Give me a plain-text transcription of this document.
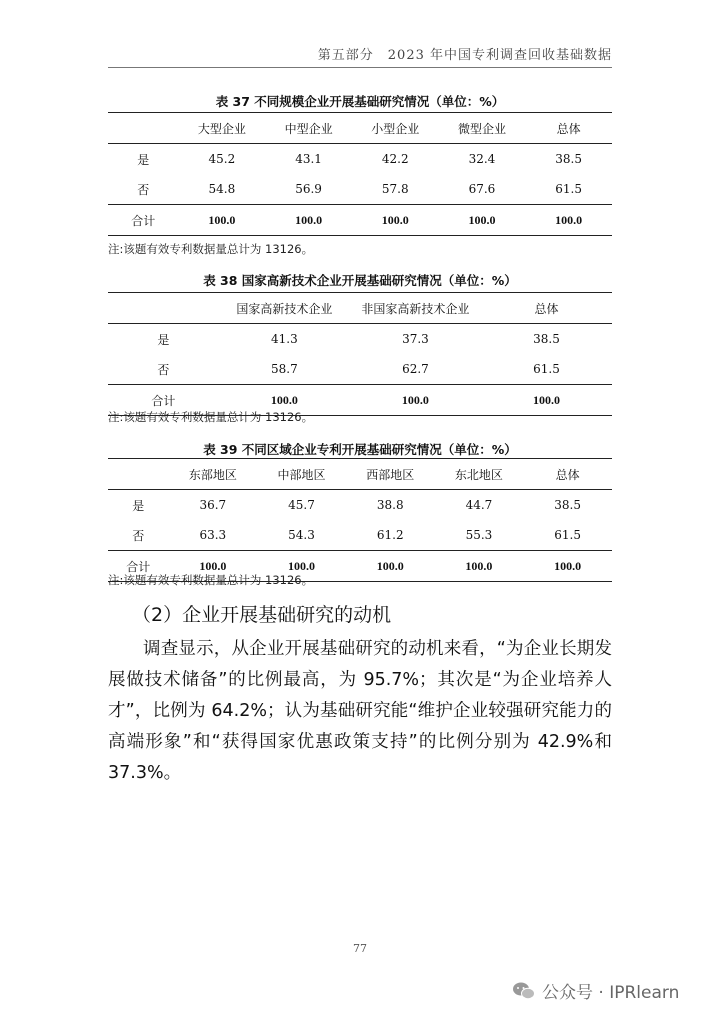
第五部分　2023 年中国专利调查回收基础数据
表 37 不同规模企业开展基础研究情况（单位：%）
	大型企业	中型企业	小型企业	微型企业	总体
是	45.2	43.1	42.2	32.4	38.5
否	54.8	56.9	57.8	67.6	61.5
合计	100.0	100.0	100.0	100.0	100.0
注:该题有效专利数据量总计为 13126。
表 38 国家高新技术企业开展基础研究情况（单位：%）
	国家高新技术企业	非国家高新技术企业	总体
是	41.3	37.3	38.5
否	58.7	62.7	61.5
合计	100.0	100.0	100.0
注:该题有效专利数据量总计为 13126。
表 39 不同区域企业专利开展基础研究情况（单位：%）
	东部地区	中部地区	西部地区	东北地区	总体
是	36.7	45.7	38.8	44.7	38.5
否	63.3	54.3	61.2	55.3	61.5
合计	100.0	100.0	100.0	100.0	100.0
注:该题有效专利数据量总计为 13126。
（2）企业开展基础研究的动机
调查显示，从企业开展基础研究的动机来看，“为企业长期发展做技术储备”的比例最高，为 95.7%；其次是“为企业培养人才”，比例为 64.2%；认为基础研究能“维护企业较强研究能力的高端形象”和“获得国家优惠政策支持”的比例分别为 42.9%和 37.3%。
77
公众号 · IPRlearn
